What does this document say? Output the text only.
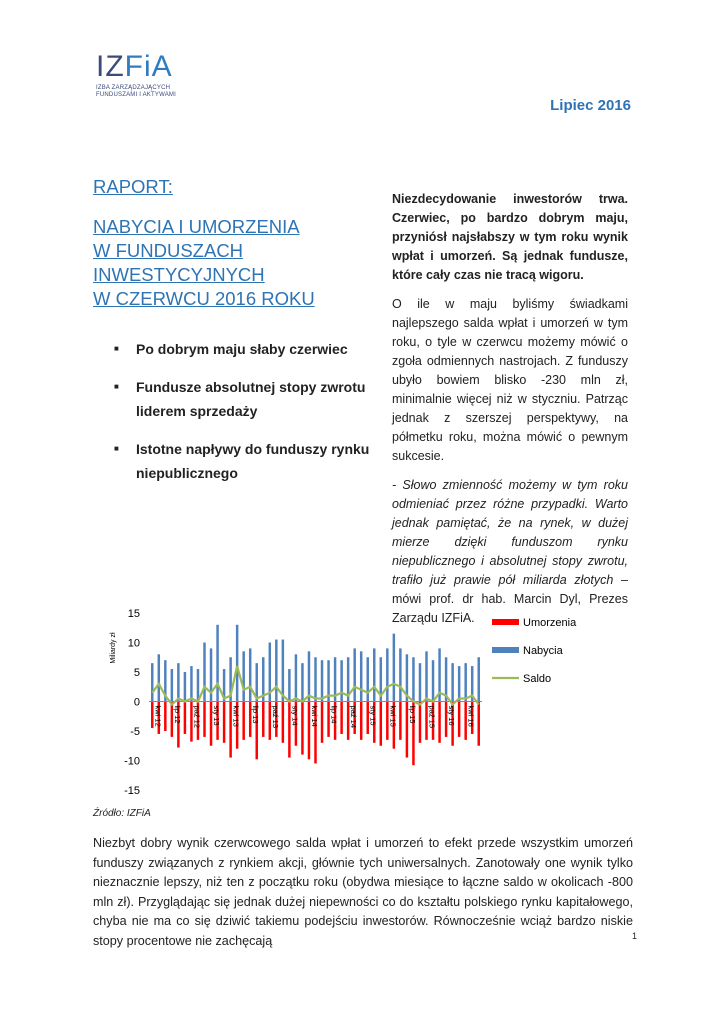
IZFiA
IZBA ZARZĄDZAJĄCYCH
FUNDUSZAMI I AKTYWAMI
Lipiec 2016
RAPORT:
NABYCIA I UMORZENIA
W FUNDUSZACH INWESTYCYJNYCH
W CZERWCU 2016 ROKU
■	Po dobrym maju słaby czerwiec
■	Fundusze absolutnej stopy zwrotu liderem sprzedaży
■	Istotne napływy do funduszy rynku niepublicznego

Niezdecydowanie inwestorów trwa. Czerwiec, po bardzo dobrym maju, przyniósł najsłabszy w tym roku wynik wpłat i umorzeń. Są jednak fundusze, które cały czas nie tracą wigoru.

O ile w maju byliśmy świadkami najlepszego salda wpłat i umorzeń w tym roku, o tyle w czerwcu możemy mówić o zgoła odmiennych nastrojach. Z funduszy ubyło bowiem blisko -230 mln zł, minimalnie więcej niż w styczniu. Patrząc jednak z szerszej perspektywy, na półmetku roku, można mówić o pewnym sukcesie.

- Słowo zmienność możemy w tym roku odmieniać przez różne przypadki. Warto jednak pamiętać, że na rynek, w dużej mierze dzięki funduszom rynku niepublicznego i absolutnej stopy zwrotu, trafiło już prawie pół miliarda złotych – mówi prof. dr hab. Marcin Dyl, Prezes Zarządu IZFiA.

15
10
5
0
-5
-10
-15
Miliardy zł
kwi 12 lip 12 paź 12 sty 13 kwi 13 lip 13 paź 13 sty 14 kwi 14 lip 14 paź 14 sty 15 kwi 15 lip 15 paź 15 sty 16 kwi 16
Umorzenia
Nabycia
Saldo
Źródło: IZFiA
Niezbyt dobry wynik czerwcowego salda wpłat i umorzeń to efekt przede wszystkim umorzeń funduszy związanych z rynkiem akcji, głównie tych uniwersalnych. Zanotowały one wynik tylko nieznacznie lepszy, niż ten z początku roku (obydwa miesiące to łączne saldo w okolicach -800 mln zł). Przyglądając się jednak dużej niepewności co do kształtu polskiego rynku kapitałowego, chyba nie ma co się dziwić takiemu podejściu inwestorów. Równocześnie wciąż bardzo niskie stopy procentowe nie zachęcają	1
